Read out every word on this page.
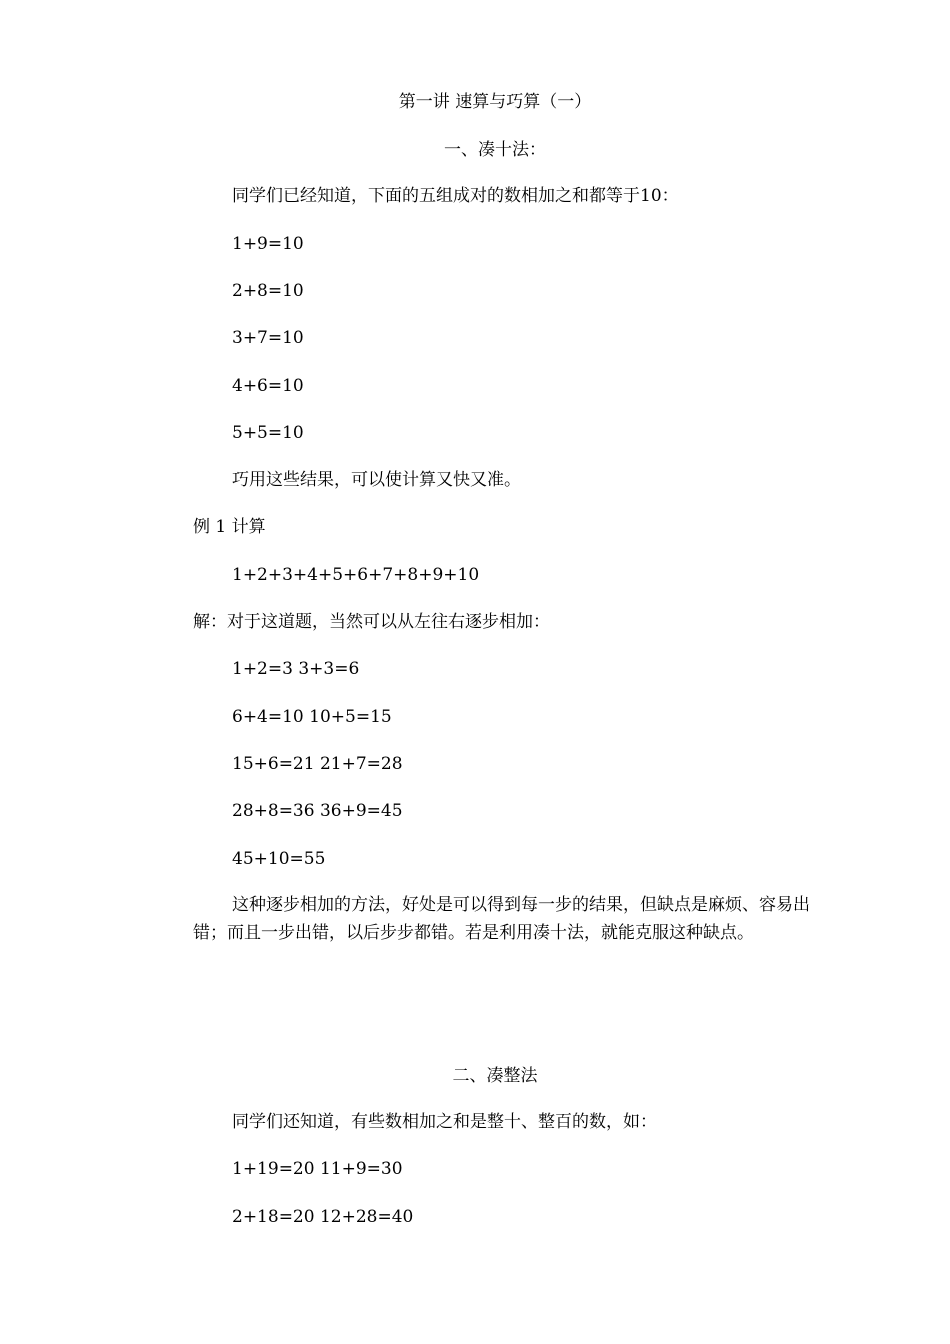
第一讲 速算与巧算（一）
一、凑十法：
同学们已经知道，下面的五组成对的数相加之和都等于10：
1+9=10
2+8=10
3+7=10
4+6=10
5+5=10
巧用这些结果，可以使计算又快又准。
例 1 计算
1+2+3+4+5+6+7+8+9+10
解：对于这道题，当然可以从左往右逐步相加：
1+2=3 3+3=6
6+4=10 10+5=15
15+6=21 21+7=28
28+8=36 36+9=45
45+10=55
这种逐步相加的方法，好处是可以得到每一步的结果，但缺点是麻烦、容易出错；而且一步出错，以后步步都错。若是利用凑十法，就能克服这种缺点。
二、凑整法
同学们还知道，有些数相加之和是整十、整百的数，如：
1+19=20 11+9=30
2+18=20 12+28=40
